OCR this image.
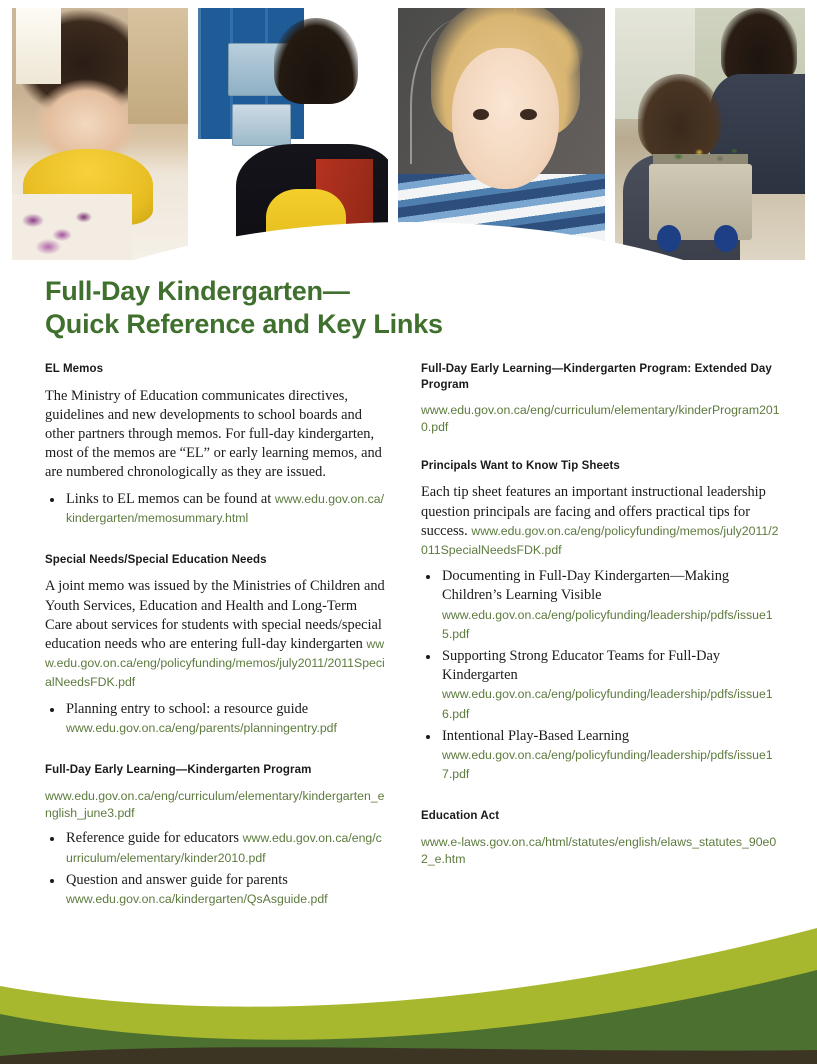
Full-Day Kindergarten—
Quick Reference and Key Links
EL Memos
The Ministry of Education communicates directives, guidelines and new developments to school boards and other partners through memos. For full-day kindergarten, most of the memos are “EL” or early learning memos, and are numbered chronologically as they are issued.
Links to EL memos can be found at www.edu.gov.on.ca/kindergarten/memosummary.html
Special Needs/Special Education Needs
A joint memo was issued by the Ministries of Children and Youth Services, Education and Health and Long-Term Care about services for students with special needs/special education needs who are entering full-day kindergarten www.edu.gov.on.ca/eng/policyfunding/memos/july2011/2011SpecialNeedsFDK.pdf
Planning entry to school: a resource guide
www.edu.gov.on.ca/eng/parents/planningentry.pdf
Full-Day Early Learning—Kindergarten Program
www.edu.gov.on.ca/eng/curriculum/elementary/kindergarten_english_june3.pdf
Reference guide for educators www.edu.gov.on.ca/eng/curriculum/elementary/kinder2010.pdf
Question and answer guide for parents
www.edu.gov.on.ca/kindergarten/QsAsguide.pdf
Full-Day Early Learning—Kindergarten Program: Extended Day Program
www.edu.gov.on.ca/eng/curriculum/elementary/kinderProgram2010.pdf
Principals Want to Know Tip Sheets
Each tip sheet features an important instructional leadership question principals are facing and offers practical tips for success. www.edu.gov.on.ca/eng/policyfunding/memos/july2011/2011SpecialNeedsFDK.pdf
Documenting in Full-Day Kindergarten—Making Children’s Learning Visible
www.edu.gov.on.ca/eng/policyfunding/leadership/pdfs/issue15.pdf
Supporting Strong Educator Teams for Full-Day Kindergarten
www.edu.gov.on.ca/eng/policyfunding/leadership/pdfs/issue16.pdf
Intentional Play-Based Learning
www.edu.gov.on.ca/eng/policyfunding/leadership/pdfs/issue17.pdf
Education Act
www.e-laws.gov.on.ca/html/statutes/english/elaws_statutes_90e02_e.htm
